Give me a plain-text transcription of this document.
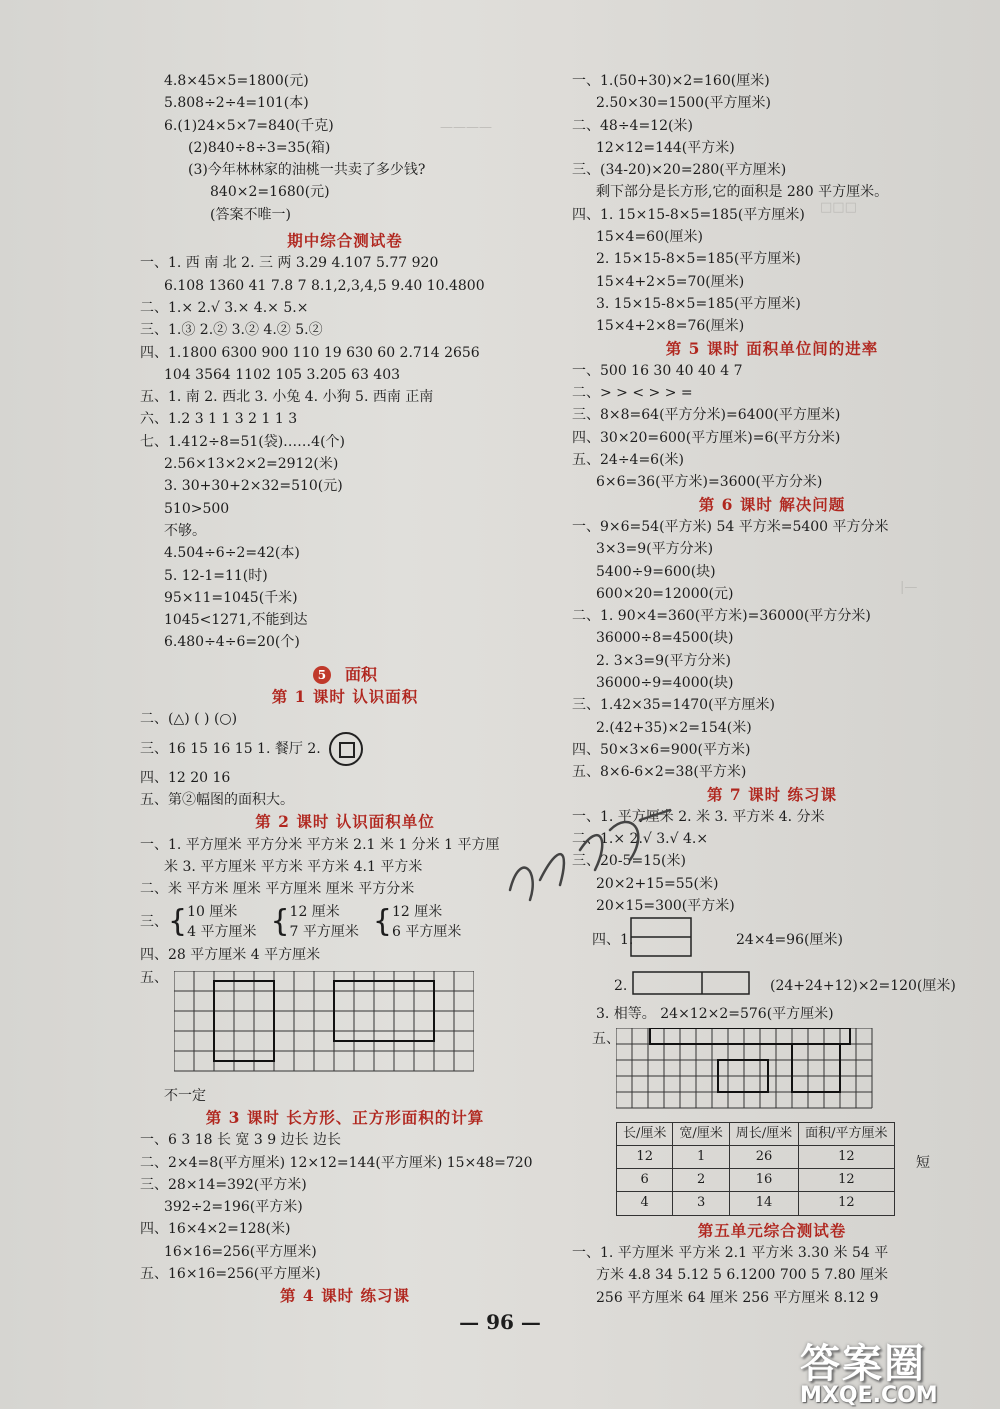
————
□□□
|—
4.8×45×5=1800(元)
5.808÷2÷4=101(本)
6.(1)24×5×7=840(千克)
(2)840÷8÷3=35(箱)
(3)今年林林家的油桃一共卖了多少钱?
840×2=1680(元)
(答案不唯一)
期中综合测试卷
一、1. 西 南 北 2. 三 两 3.29 4.107 5.77 920
6.108 1360 41 7.8 7 8.1,2,3,4,5 9.40 10.4800
二、1.× 2.√ 3.× 4.× 5.×
三、1.③ 2.② 3.② 4.② 5.②
四、1.1800 6300 900 110 19 630 60 2.714 2656
104 3564 1102 105 3.205 63 403
五、1. 南 2. 西北 3. 小兔 4. 小狗 5. 西南 正南
六、1.2 3 1 1 3 2 1 1 3
七、1.412÷8=51(袋)……4(个)
2.56×13×2×2=2912(米)
3. 30+30+2×32=510(元)
510>500
不够。
4.504÷6÷2=42(本)
5. 12-1=11(时)
95×11=1045(千米)
1045<1271,不能到达
6.480÷4÷6=20(个)
5 面积
第 1 课时 认识面积
二、(△) ( ) (○)
三、16 15 16 15 1. 餐厅 2.
四、12 20 16
五、第②幅图的面积大。
第 2 课时 认识面积单位
一、1. 平方厘米 平方分米 平方米 2.1 米 1 分米 1 平方厘
米 3. 平方厘米 平方米 平方米 4.1 平方米
二、米 平方米 厘米 平方厘米 厘米 平方分米
三、{ 10 厘米
4 平方厘米 { 12 厘米
7 平方厘米 { 12 厘米
6 平方厘米
四、28 平方厘米 4 平方厘米
五、
不一定
第 3 课时 长方形、正方形面积的计算
一、6 3 18 长 宽 3 9 边长 边长
二、2×4=8(平方厘米) 12×12=144(平方厘米) 15×48=720
三、28×14=392(平方米)
392÷2=196(平方米)
四、16×4×2=128(米)
16×16=256(平方厘米)
五、16×16=256(平方厘米)
第 4 课时 练习课
一、1.(50+30)×2=160(厘米)
2.50×30=1500(平方厘米)
二、48÷4=12(米)
12×12=144(平方米)
三、(34-20)×20=280(平方厘米)
剩下部分是长方形,它的面积是 280 平方厘米。
四、1. 15×15-8×5=185(平方厘米)
15×4=60(厘米)
2. 15×15-8×5=185(平方厘米)
15×4+2×5=70(厘米)
3. 15×15-8×5=185(平方厘米)
15×4+2×8=76(厘米)
第 5 课时 面积单位间的进率
一、500 16 30 40 40 4 7
二、> > < > > =
三、8×8=64(平方分米)=6400(平方厘米)
四、30×20=600(平方厘米)=6(平方分米)
五、24÷4=6(米)
6×6=36(平方米)=3600(平方分米)
第 6 课时 解决问题
一、9×6=54(平方米) 54 平方米=5400 平方分米
3×3=9(平方分米)
5400÷9=600(块)
600×20=12000(元)
二、1. 90×4=360(平方米)=36000(平方分米)
36000÷8=4500(块)
2. 3×3=9(平方分米)
36000÷9=4000(块)
三、1.42×35=1470(平方厘米)
2.(42+35)×2=154(米)
四、50×3×6=900(平方米)
五、8×6-6×2=38(平方米)
第 7 课时 练习课
一、1. 平方厘米 2. 米 3. 平方米 4. 分米
二、1.× 2.√ 3.√ 4.×
三、20-5=15(米)
20×2+15=55(米)
20×15=300(平方米)
四、1.	24×4=96(厘米)
2.	(24+24+12)×2=120(厘米)
3. 相等。 24×12×2=576(平方厘米)
五、
长/厘米	宽/厘米	周长/厘米	面积/平方厘米
12	1	26	12
6	2	16	12
4	3	14	12
短
第五单元综合测试卷
一、1. 平方厘米 平方米 2.1 平方米 3.30 米 54 平
方米 4.8 34 5.12 5 6.1200 700 5 7.80 厘米
256 平方厘米 64 厘米 256 平方厘米 8.12 9
— 96 —
答案圈
MXQE.COM
